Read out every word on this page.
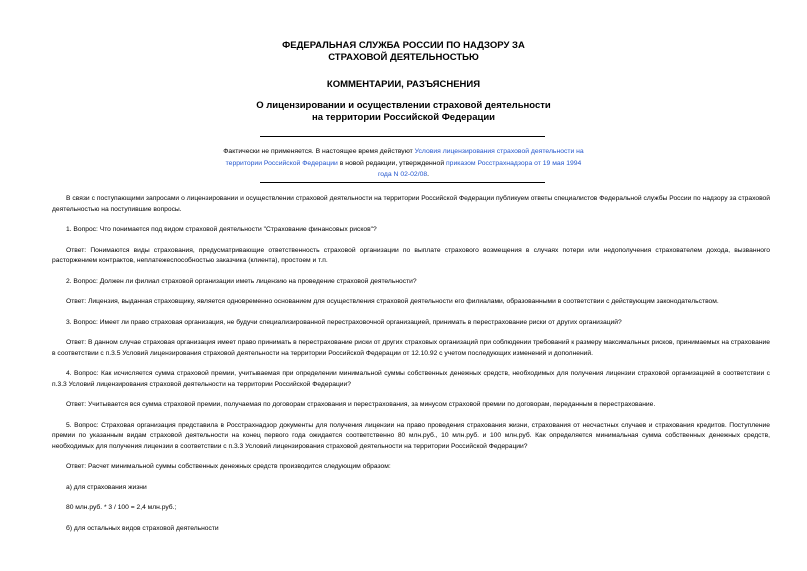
ФЕДЕРАЛЬНАЯ СЛУЖБА РОССИИ ПО НАДЗОРУ ЗА
СТРАХОВОЙ ДЕЯТЕЛЬНОСТЬЮ
КОММЕНТАРИИ, РАЗЪЯСНЕНИЯ
О лицензировании и осуществлении страховой деятельности
на территории Российской Федерации
Фактически не применяется. В настоящее время действуют Условия лицензирования страховой деятельности на территории Российской Федерации в новой редакции, утвержденной приказом Росстрахнадзора от 19 мая 1994 года N 02-02/08.

В связи с поступающими запросами о лицензировании и осуществлении страховой деятельности на территории Российской Федерации публикуем ответы специалистов Федеральной службы России по надзору за страховой деятельностью на поступившие вопросы.

1. Вопрос: Что понимается под видом страховой деятельности "Страхование финансовых рисков"?

Ответ: Понимаются виды страхования, предусматривающие ответственность страховой организации по выплате страхового возмещения в случаях потери или недополучения страхователем дохода, вызванного расторжением контрактов, неплатежеспособностью заказчика (клиента), простоем и т.п.

2. Вопрос: Должен ли филиал страховой организации иметь лицензию на проведение страховой деятельности?

Ответ: Лицензия, выданная страховщику, является одновременно основанием для осуществления страховой деятельности его филиалами, образованными в соответствии с действующим законодательством.

3. Вопрос: Имеет ли право страховая организация, не будучи специализированной перестраховочной организацией, принимать в перестрахование риски от других организаций?

Ответ: В данном случае страховая организация имеет право принимать в перестрахование риски от других страховых организаций при соблюдении требований к размеру максимальных рисков, принимаемых на страхование в соответствии с п.3.5 Условий лицензирования страховой деятельности на территории Российской Федерации от 12.10.92 с учетом последующих изменений и дополнений.

4. Вопрос: Как исчисляется сумма страховой премии, учитываемая при определении минимальной суммы собственных денежных средств, необходимых для получения лицензии страховой организацией в соответствии с п.3.3 Условий лицензирования страховой деятельности на территории Российской Федерации?

Ответ: Учитывается вся сумма страховой премии, получаемая по договорам страхования и перестрахования, за минусом страховой премии по договорам, переданным в перестрахование.

5. Вопрос: Страховая организация представила в Росстрахнадзор документы для получения лицензии на право проведения страхования жизни, страхования от несчастных случаев и страхования кредитов. Поступление премии по указанным видам страховой деятельности на конец первого года ожидается соответственно 80 млн.руб., 10 млн.руб. и 100 млн.руб. Как определяется минимальная сумма собственных денежных средств, необходимых для получения лицензии в соответствии с п.3.3 Условий лицензирования страховой деятельности на территории Российской Федерации?

Ответ: Расчет минимальной суммы собственных денежных средств производится следующим образом:

а) для страхования жизни

80 млн.руб. * 3 / 100 = 2,4 млн.руб.;

б) для остальных видов страховой деятельности
